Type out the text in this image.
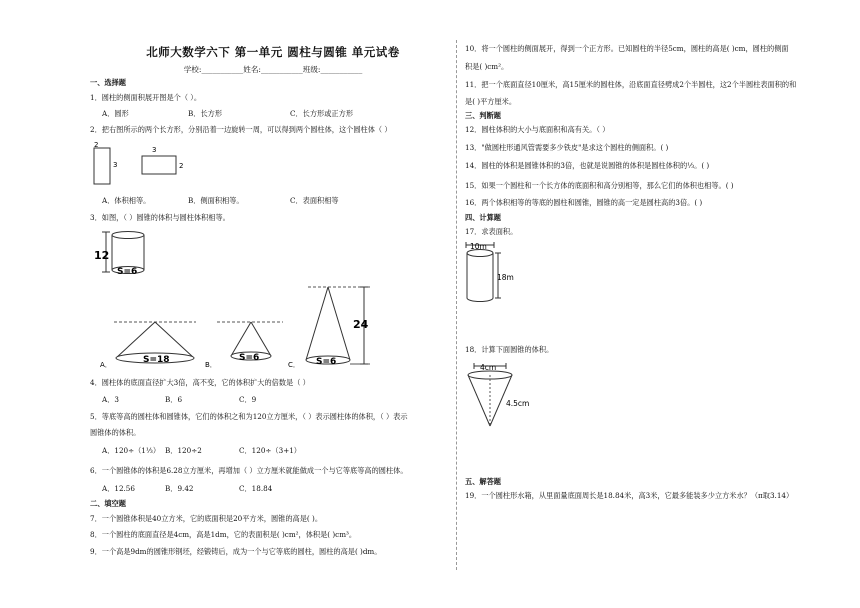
北师大数学六下 第一单元 圆柱与圆锥 单元试卷
学校:___________姓名:___________班级:___________
一、选择题
1．圆柱的侧面积展开图是个（ ）。
A．圆形	B．长方形	C．长方形或正方形
2．把右图所示的两个长方形，分别沿着一边旋转一周，可以得到两个圆柱体，这个圆柱体（ ）
2
3
3
2
A．体积相等。	B．侧面积相等。	C．表面积相等
3．如图，（ ）圆锥的体积与圆柱体积相等。
12
S=6
S=18
A．
S=6
B．
24
S=6
C．
4．圆柱体的底面直径扩大3倍，高不变，它的体积扩大的倍数是（ ）
A．3	B．6	C．9
5．等底等高的圆柱体和圆锥体，它们的体积之和为120立方厘米，（ ）表示圆柱体的体积，（ ）表示
圆锥体的体积。
A．120÷（1⅓） B．120÷2	C．120÷（3+1）
6．一个圆锥体的体积是6.28立方厘米，再增加（ ）立方厘米就能做成一个与它等底等高的圆柱体。
A．12.56	B．9.42	C．18.84
二、填空题
7．一个圆锥体积是40立方米，它的底面积是20平方米，圆锥的高是( )。
8．一个圆柱的底面直径是4cm，高是1dm，它的表面积是( )cm²，体积是( )cm³。
9．一个高是9dm的圆锥形钢坯，经锻铸后，成为一个与它等底的圆柱，圆柱的高是( )dm。
10．将一个圆柱的侧面展开，得到一个正方形。已知圆柱的半径5cm，圆柱的高是( )cm，圆柱的侧面
积是( )cm²。
11．把一个底面直径10厘米，高15厘米的圆柱体，沿底面直径劈成2个半圆柱，这2个半圆柱表面积的和
是( )平方厘米。
三、判断题
12．圆柱体积的大小与底面积和高有关。（ ）
13．"做圆柱形通风管需要多少铁皮"是求这个圆柱的侧面积。( )
14．圆柱的体积是圆锥体积的3倍，也就是说圆锥的体积是圆柱体积的⅓。( )
15．如果一个圆柱和一个长方体的底面积和高分别相等，那么它们的体积也相等。( )
16．两个体积相等的等底的圆柱和圆锥，圆锥的高一定是圆柱高的3倍。( )
四、计算题
17．求表面积。
10m
18m
18．计算下面圆锥的体积。
4cm
4.5cm
五、解答题
19．一个圆柱形水箱，从里面量底面周长是18.84米，高3米，它最多能装多少立方米水？（π取3.14）
